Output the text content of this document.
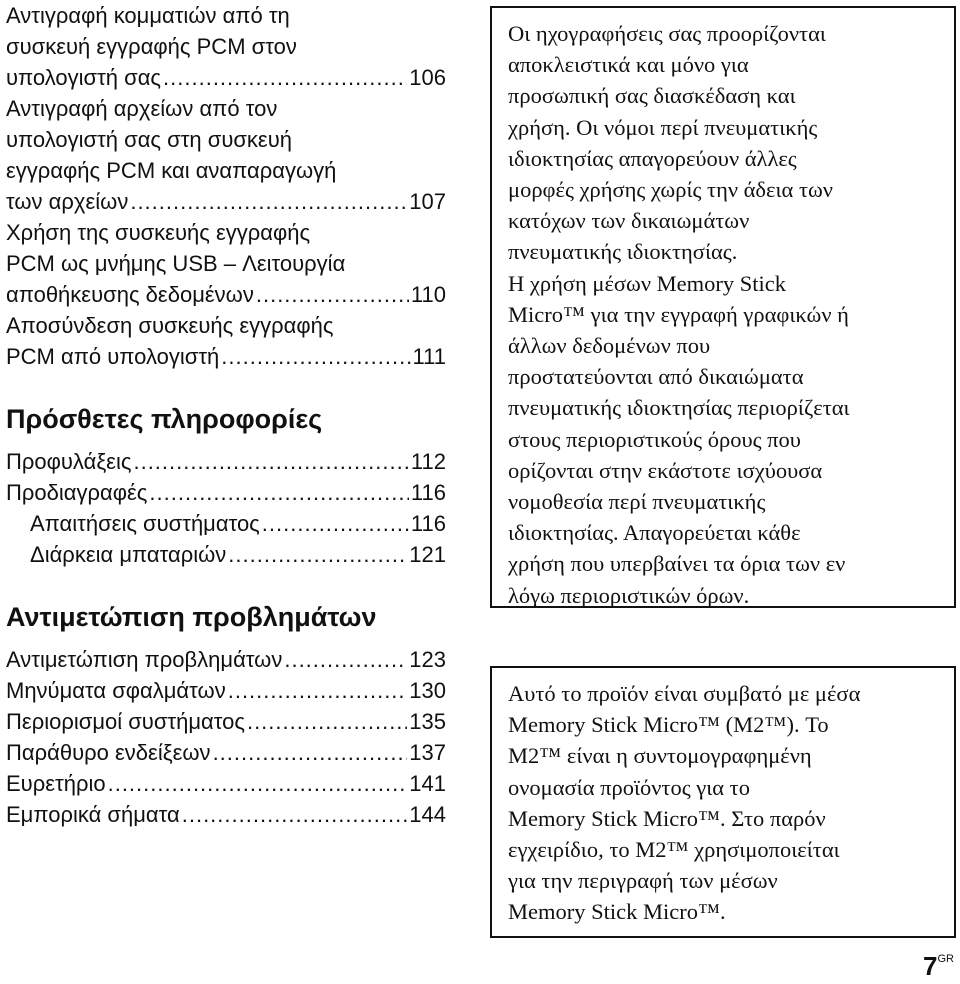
Αντιγραφή κομματιών από τη
συσκευή εγγραφής PCM στον
υπολογιστή σας .....	106
Αντιγραφή αρχείων από τον
υπολογιστή σας στη συσκευή
εγγραφής PCM και αναπαραγωγή
των αρχείων .....	107
Χρήση της συσκευής εγγραφής
PCM ως μνήμης USB – Λειτουργία
αποθήκευσης δεδομένων .....	110
Αποσύνδεση συσκευής εγγραφής
PCM από υπολογιστή .....	111
Πρόσθετες πληροφορίες
Προφυλάξεις .....	112
Προδιαγραφές .....	116
Απαιτήσεις συστήματος .....	116
Διάρκεια μπαταριών .....	121
Αντιμετώπιση προβλημάτων
Αντιμετώπιση προβλημάτων .....	123
Μηνύματα σφαλμάτων .....	130
Περιορισμοί συστήματος .....	135
Παράθυρο ενδείξεων .....	137
Ευρετήριο .....	141
Εμπορικά σήματα .....	144

Οι ηχογραφήσεις σας προορίζονται

αποκλειστικά και μόνο για

προσωπική σας διασκέδαση και

χρήση. Οι νόμοι περί πνευματικής

ιδιοκτησίας απαγορεύουν άλλες

μορφές χρήσης χωρίς την άδεια των

κατόχων των δικαιωμάτων

πνευματικής ιδιοκτησίας.

Η χρήση μέσων Memory Stick

Micro™ για την εγγραφή γραφικών ή

άλλων δεδομένων που

προστατεύονται από δικαιώματα

πνευματικής ιδιοκτησίας περιορίζεται

στους περιοριστικούς όρους που

ορίζονται στην εκάστοτε ισχύουσα

νομοθεσία περί πνευματικής

ιδιοκτησίας. Απαγορεύεται κάθε

χρήση που υπερβαίνει τα όρια των εν

λόγω περιοριστικών όρων.

Αυτό το προϊόν είναι συμβατό με μέσα

Memory Stick Micro™ (M2™). Το

M2™ είναι η συντομογραφημένη

ονομασία προϊόντος για το

Memory Stick Micro™. Στο παρόν

εγχειρίδιο, το M2™ χρησιμοποιείται

για την περιγραφή των μέσων

Memory Stick Micro™.

$7^{GR}$
